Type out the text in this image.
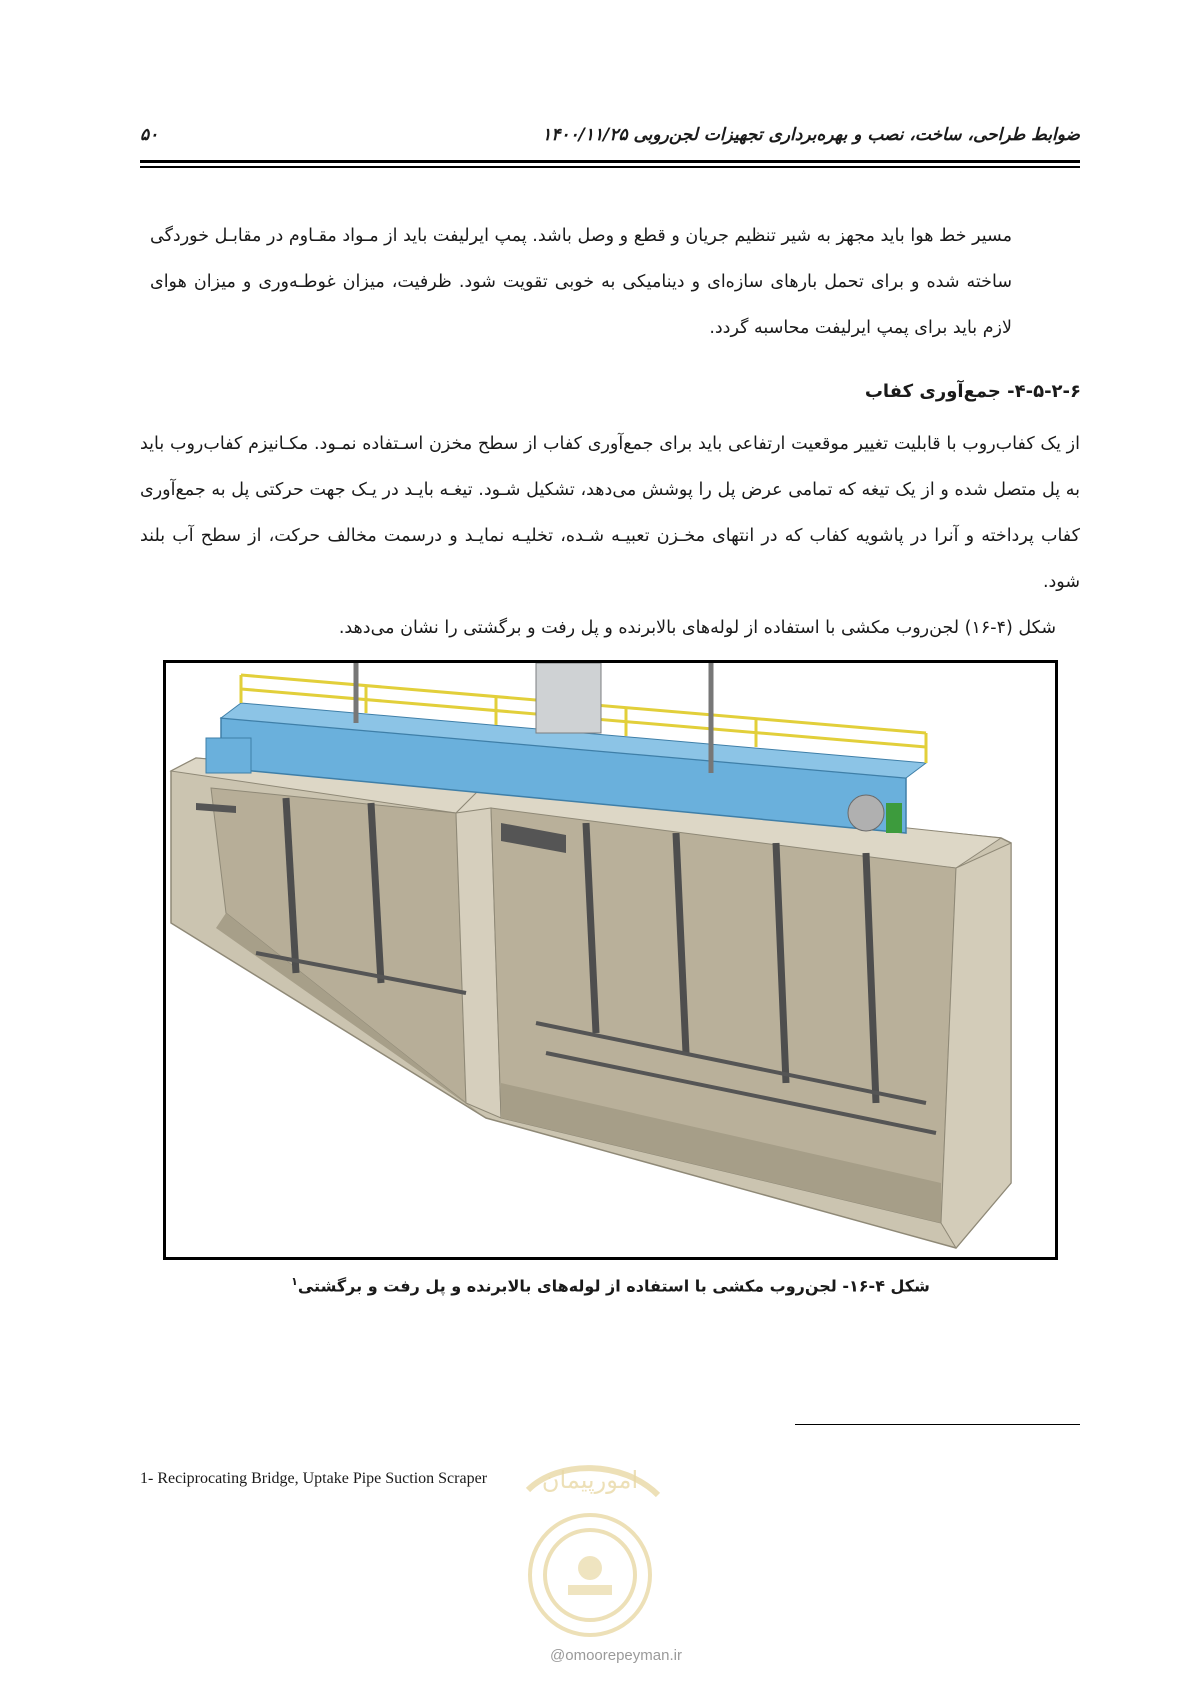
ضوابط طراحی، ساخت، نصب و بهره‌برداری تجهیزات لجن‌روبی ۱۴۰۰/۱۱/۲۵
۵۰
مسیر خط هوا باید مجهز به شیر تنظیم جریان و قطع و وصل باشد. پمپ ایرلیفت باید از مـواد مقـاوم در مقابـل خوردگی ساخته شده و برای تحمل بارهای سازه‌ای و دینامیکی به خوبی تقویت شود. ظرفیت، میزان غوطـه‌وری و میزان هوای لازم باید برای پمپ ایرلیفت محاسبه گردد.
۴-۵-۲-۶- جمع‌آوری کفاب
از یک کفاب‌روب با قابلیت تغییر موقعیت ارتفاعی باید برای جمع‌آوری کفاب از سطح مخزن اسـتفاده نمـود. مکـانیزم کفاب‌روب باید به پل متصل شده و از یک تیغه که تمامی عرض پل را پوشش می‌دهد، تشکیل شـود. تیغـه بایـد در یـک جهت حرکتی پل به جمع‌آوری کفاب پرداخته و آنرا در پاشویه کفاب که در انتهای مخـزن تعبیـه شـده، تخلیـه نمایـد و درسمت مخالف حرکت، از سطح آب بلند شود.
شکل (۴-۱۶) لجن‌روب مکشی با استفاده از لوله‌های بالابرنده و پل رفت و برگشتی را نشان می‌دهد.
شکل ۴-۱۶- لجن‌روب مکشی با استفاده از لوله‌های بالابرنده و پل رفت و برگشتی$^۱$
1- Reciprocating Bridge, Uptake Pipe Suction Scraper امورپیمان
@omoorepeyman.ir
